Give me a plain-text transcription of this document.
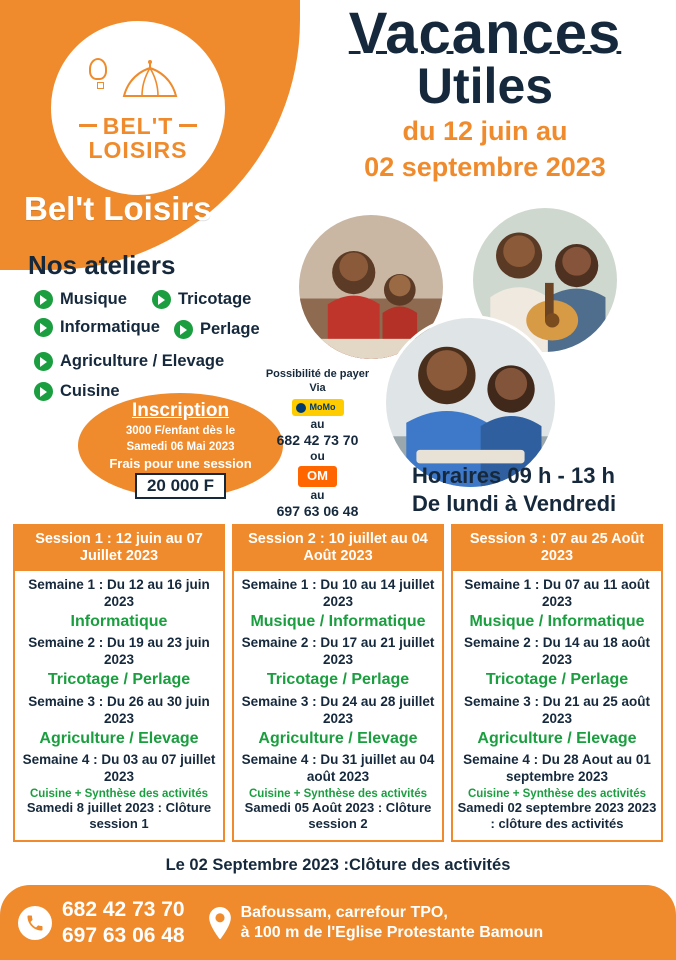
BEL'T
LOISIRS
Bel't Loisirs
Vacances
Utiles
du 12 juin au
02 septembre 2023
Nos ateliers
Musique	Tricotage
Informatique Perlage
Agriculture / Elevage
Cuisine
Inscription
3000 F/enfant dès le
Samedi 06 Mai 2023
Frais pour une session
20 000 F
Possibilité de payer
Via
MoMo
au
682 42 73 70
ou
OM
au
697 63 06 48
Horaires 09 h - 13 h
De lundi à Vendredi
Session 1 : 12 juin au 07 Juillet 2023
Semaine 1 : Du 12 au 16 juin 2023
Informatique
Semaine 2 : Du 19 au 23 juin 2023
Tricotage / Perlage
Semaine 3 : Du 26 au 30 juin 2023
Agriculture / Elevage
Semaine 4 : Du 03 au 07 juillet 2023
Cuisine + Synthèse des activités
Samedi 8 juillet 2023 : Clôture session 1
Session 2 : 10 juillet au 04 Août 2023
Semaine 1 : Du 10 au 14 juillet 2023
Musique / Informatique
Semaine 2 : Du 17 au 21 juillet 2023
Tricotage / Perlage
Semaine 3 : Du 24 au 28 juillet 2023
Agriculture / Elevage
Semaine 4 : Du 31 juillet au 04 août 2023
Cuisine + Synthèse des activités
Samedi 05 Août 2023 : Clôture session 2
Session 3 : 07 au 25 Août 2023
Semaine 1 : Du 07 au 11 août 2023
Musique / Informatique
Semaine 2 : Du 14 au 18 août 2023
Tricotage / Perlage
Semaine 3 : Du 21 au 25 août 2023
Agriculture / Elevage
Semaine 4 : Du 28 Aout au 01 septembre 2023
Cuisine + Synthèse des activités
Samedi 02 septembre 2023 2023 : clôture des activités
Le 02 Septembre 2023 :Clôture des activités
682 42 73 70
697 63 06 48
Bafoussam, carrefour TPO,
à 100 m de l'Eglise Protestante Bamoun
